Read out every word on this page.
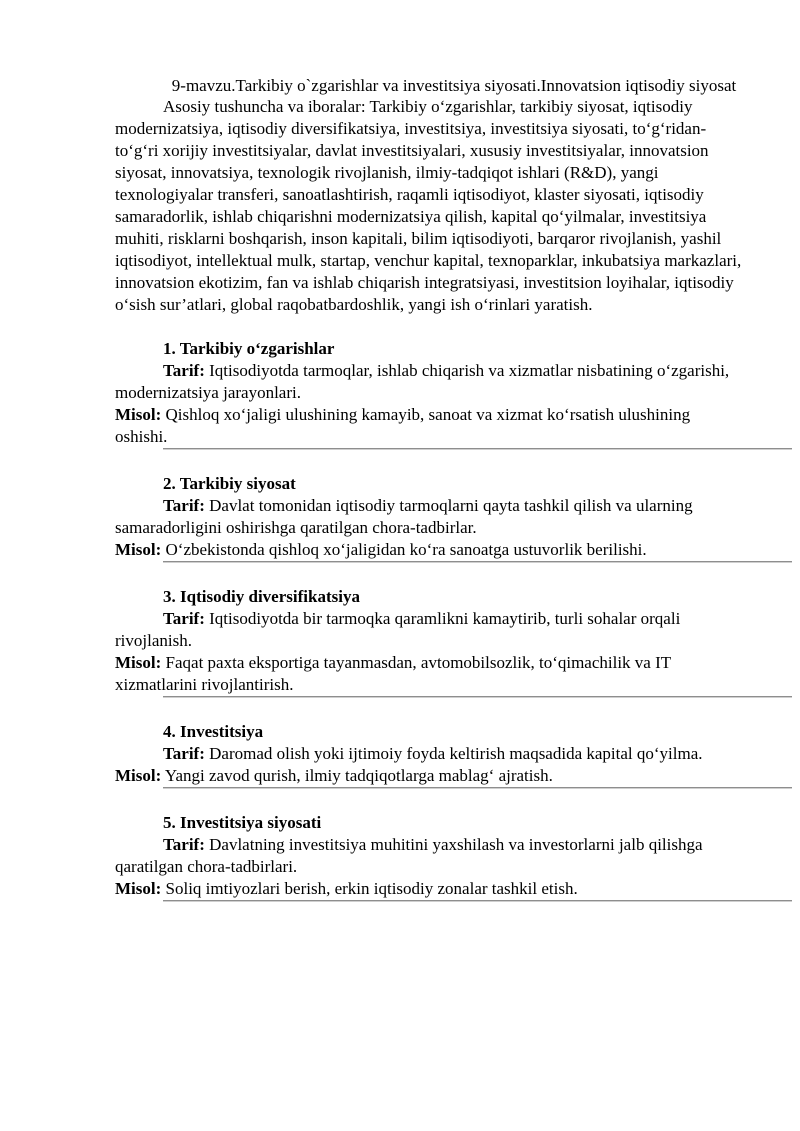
9-mavzu.Tarkibiy o`zgarishlar va investitsiya siyosati.Innovatsion iqtisodiy siyosat

Asosiy tushuncha va iboralar: Tarkibiy o‘zgarishlar, tarkibiy siyosat, iqtisodiy modernizatsiya, iqtisodiy diversifikatsiya, investitsiya, investitsiya siyosati, to‘g‘ridan-to‘g‘ri xorijiy investitsiyalar, davlat investitsiyalari, xususiy investitsiyalar, innovatsion siyosat, innovatsiya, texnologik rivojlanish, ilmiy-tadqiqot ishlari (R&D), yangi texnologiyalar transferi, sanoatlashtirish, raqamli iqtisodiyot, klaster siyosati, iqtisodiy samaradorlik, ishlab chiqarishni modernizatsiya qilish, kapital qo‘yilmalar, investitsiya muhiti, risklarni boshqarish, inson kapitali, bilim iqtisodiyoti, barqaror rivojlanish, yashil iqtisodiyot, intellektual mulk, startap, venchur kapital, texnoparklar, inkubatsiya markazlari, innovatsion ekotizim, fan va ishlab chiqarish integratsiyasi, investitsion loyihalar, iqtisodiy o‘sish sur’atlari, global raqobatbardoshlik, yangi ish o‘rinlari yaratish.

1. Tarkibiy o‘zgarishlar

Tarif: Iqtisodiyotda tarmoqlar, ishlab chiqarish va xizmatlar nisbatining o‘zgarishi, modernizatsiya jarayonlari.

Misol: Qishloq xo‘jaligi ulushining kamayib, sanoat va xizmat ko‘rsatish ulushining oshishi.

2. Tarkibiy siyosat

Tarif: Davlat tomonidan iqtisodiy tarmoqlarni qayta tashkil qilish va ularning samaradorligini oshirishga qaratilgan chora-tadbirlar.

Misol: O‘zbekistonda qishloq xo‘jaligidan ko‘ra sanoatga ustuvorlik berilishi.

3. Iqtisodiy diversifikatsiya

Tarif: Iqtisodiyotda bir tarmoqka qaramlikni kamaytirib, turli sohalar orqali rivojlanish.

Misol: Faqat paxta eksportiga tayanmasdan, avtomobilsozlik, to‘qimachilik va IT xizmatlarini rivojlantirish.

4. Investitsiya

Tarif: Daromad olish yoki ijtimoiy foyda keltirish maqsadida kapital qo‘yilma.

Misol: Yangi zavod qurish, ilmiy tadqiqotlarga mablag‘ ajratish.

5. Investitsiya siyosati

Tarif: Davlatning investitsiya muhitini yaxshilash va investorlarni jalb qilishga qaratilgan chora-tadbirlari.

Misol: Soliq imtiyozlari berish, erkin iqtisodiy zonalar tashkil etish.
